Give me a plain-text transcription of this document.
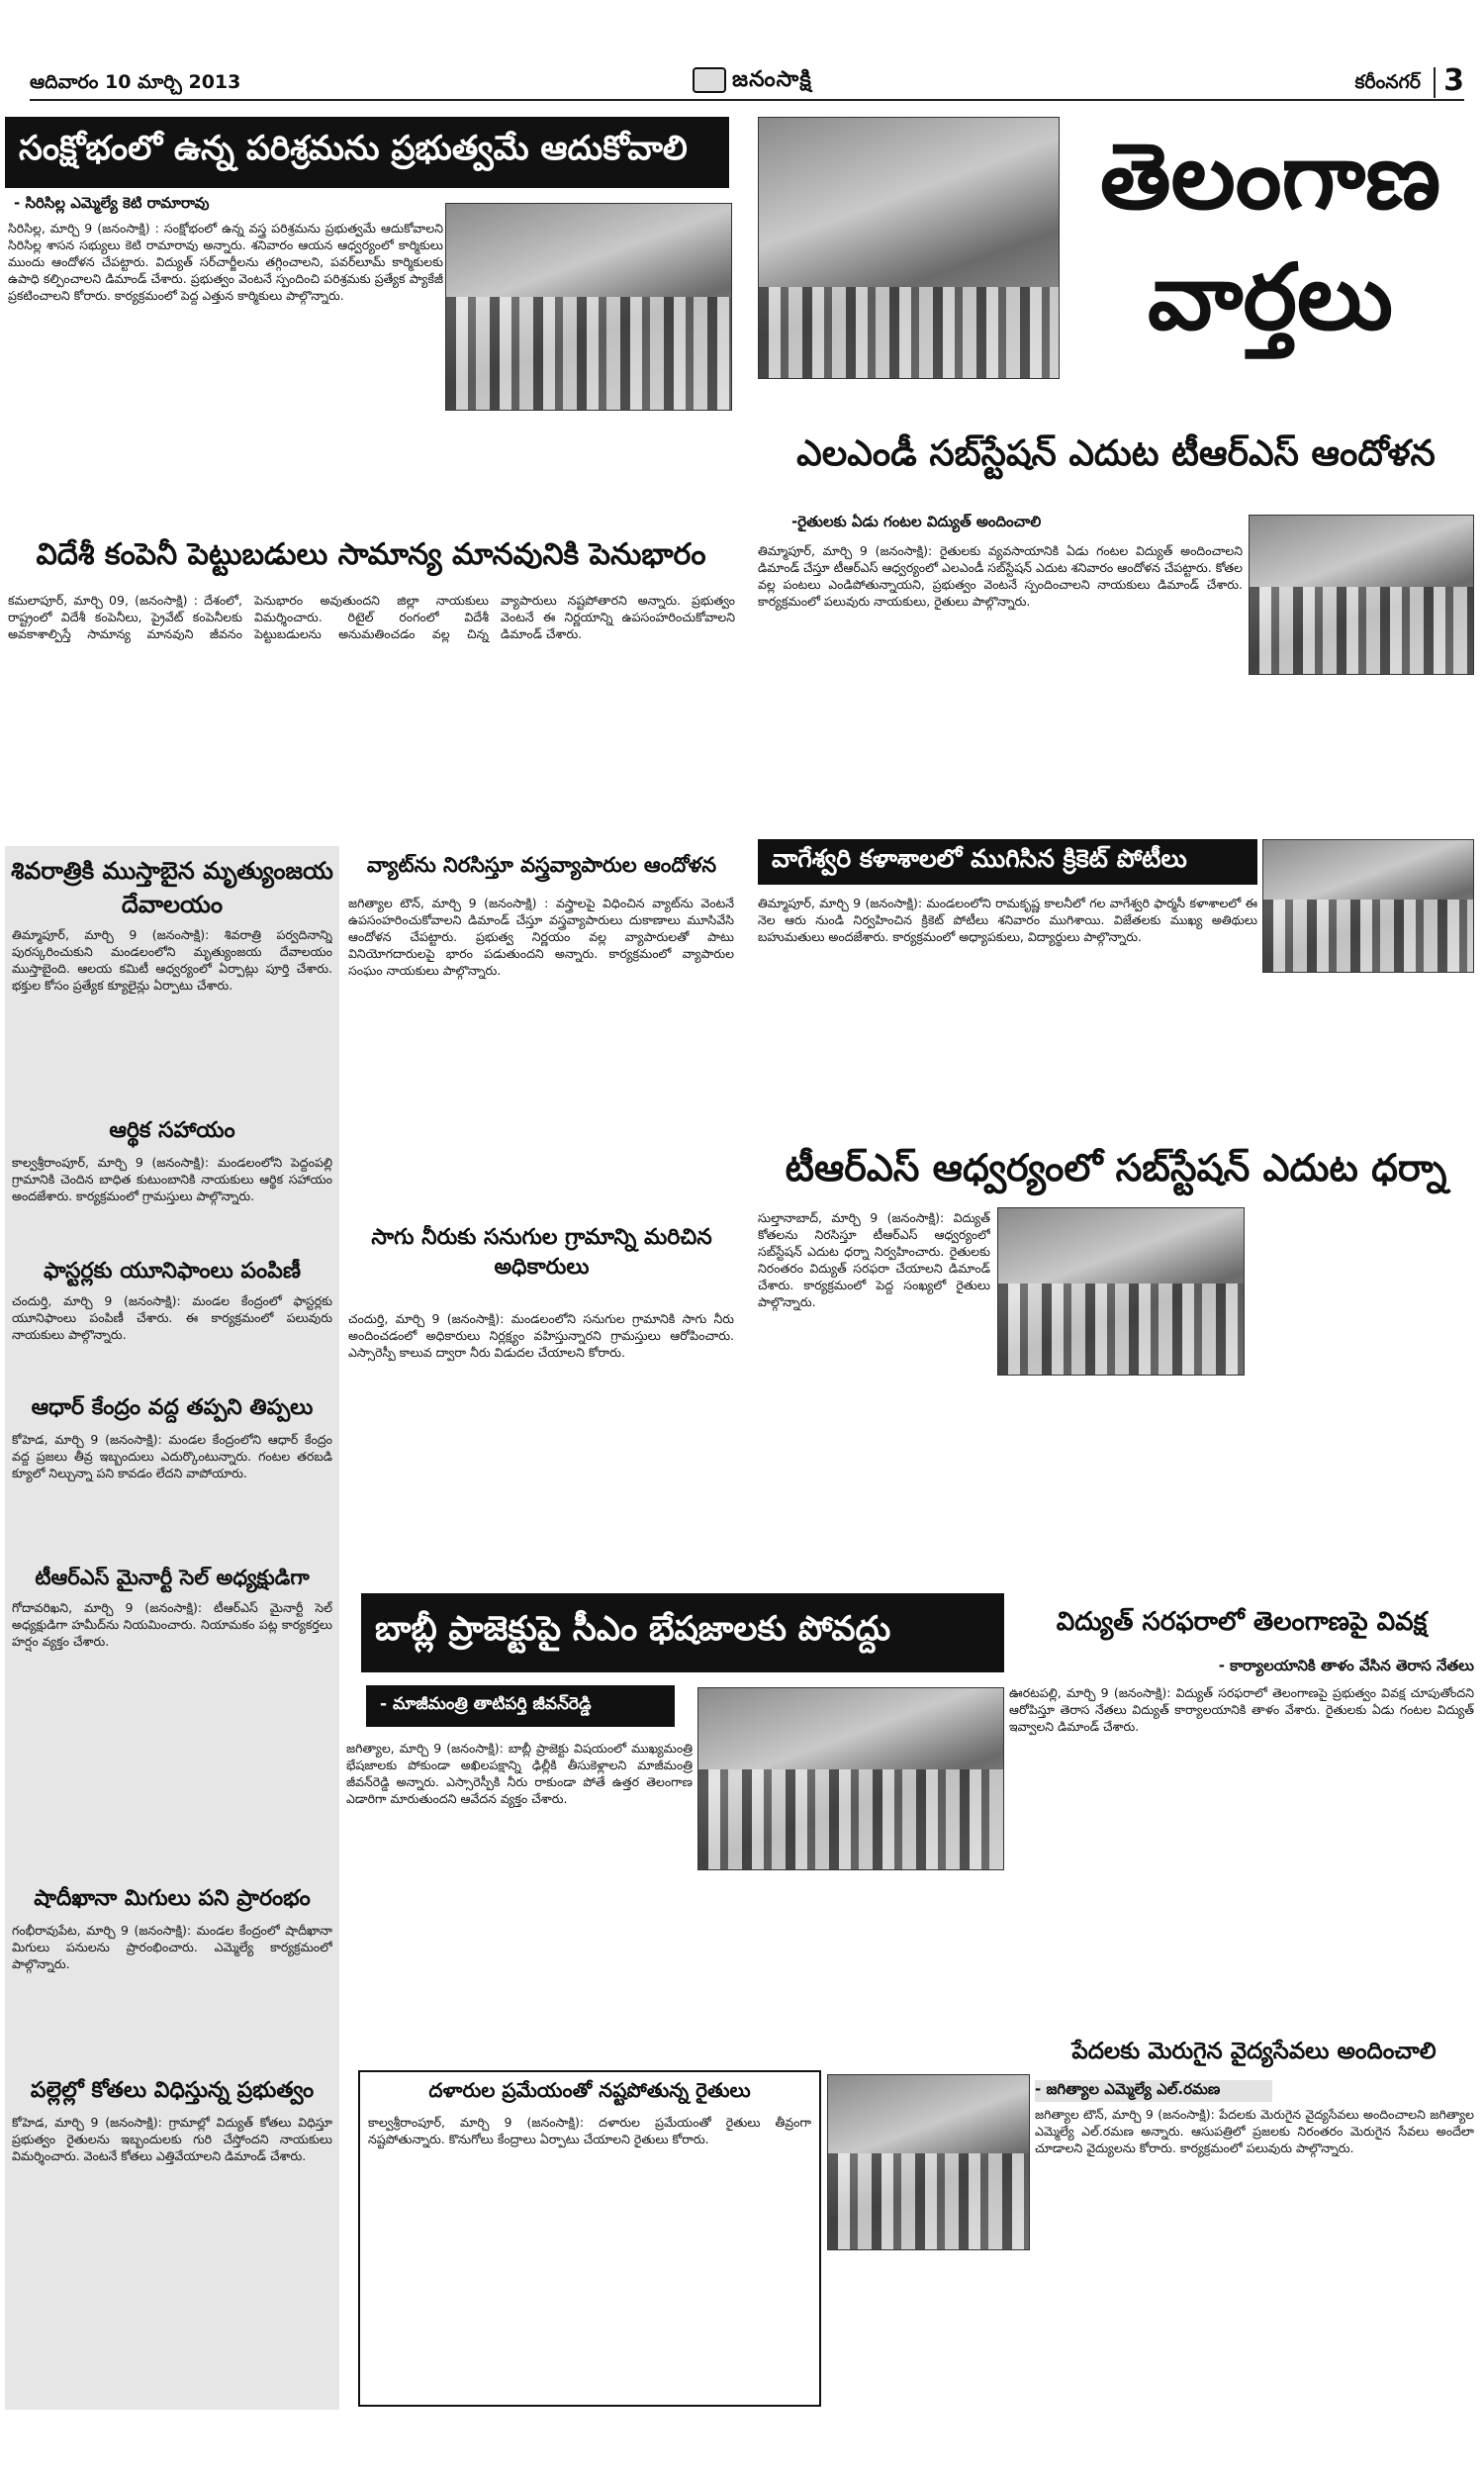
ఆదివారం 10 మార్చి 2013	జనంసాక్షి	కరీంనగర్ 3
సంక్షోభంలో ఉన్న పరిశ్రమను ప్రభుత్వమే ఆదుకోవాలి
- సిరిసిల్ల ఎమ్మెల్యే కెటి రామారావు
సిరిసిల్ల, మార్చి 9 (జనంసాక్షి) : సంక్షోభంలో ఉన్న వస్త్ర పరిశ్రమను ప్రభుత్వమే ఆదుకోవాలని సిరిసిల్ల శాసన సభ్యులు కెటి రామారావు అన్నారు. శనివారం ఆయన ఆధ్వర్యంలో కార్మికులు ముందు ఆందోళన చేపట్టారు. విద్యుత్ సర్‌చార్జీలను తగ్గించాలని, పవర్‌లూమ్ కార్మికులకు ఉపాధి కల్పించాలని డిమాండ్ చేశారు. ప్రభుత్వం వెంటనే స్పందించి పరిశ్రమకు ప్రత్యేక ప్యాకేజీ ప్రకటించాలని కోరారు. కార్యక్రమంలో పెద్ద ఎత్తున కార్మికులు పాల్గొన్నారు.
తెలంగాణ
వార్తలు
ఎలఎండీ సబ్‌స్టేషన్ ఎదుట టీఆర్ఎస్ ఆందోళన
-రైతులకు ఏడు గంటల విద్యుత్ అందించాలి
తిమ్మాపూర్, మార్చి 9 (జనంసాక్షి): రైతులకు వ్యవసాయానికి ఏడు గంటల విద్యుత్ అందించాలని డిమాండ్ చేస్తూ టీఆర్ఎస్ ఆధ్వర్యంలో ఎలఎండీ సబ్‌స్టేషన్ ఎదుట శనివారం ఆందోళన చేపట్టారు. కోతల వల్ల పంటలు ఎండిపోతున్నాయని, ప్రభుత్వం వెంటనే స్పందించాలని నాయకులు డిమాండ్ చేశారు. కార్యక్రమంలో పలువురు నాయకులు, రైతులు పాల్గొన్నారు.
విదేశీ కంపెనీ పెట్టుబడులు సామాన్య మానవునికి పెనుభారం
కమలాపూర్, మార్చి 09, (జనంసాక్షి) : దేశంలో, రాష్ట్రంలో విదేశీ కంపెనీలు, ప్రైవేట్ కంపెనీలకు అవకాశాల్పిస్తే సామాన్య మానవుని జీవనం పెనుభారం అవుతుందని జిల్లా నాయకులు విమర్శించారు. రిటైల్ రంగంలో విదేశీ పెట్టుబడులను అనుమతించడం వల్ల చిన్న వ్యాపారులు నష్టపోతారని అన్నారు. ప్రభుత్వం వెంటనే ఈ నిర్ణయాన్ని ఉపసంహరించుకోవాలని డిమాండ్ చేశారు.
శివరాత్రికి ముస్తాబైన మృత్యుంజయ దేవాలయం
తిమ్మాపూర్, మార్చి 9 (జనంసాక్షి): శివరాత్రి పర్వదినాన్ని పురస్కరించుకుని మండలంలోని మృత్యుంజయ దేవాలయం ముస్తాబైంది. ఆలయ కమిటీ ఆధ్వర్యంలో ఏర్పాట్లు పూర్తి చేశారు. భక్తుల కోసం ప్రత్యేక క్యూలైన్లు ఏర్పాటు చేశారు.
ఆర్థిక సహాయం
కాల్వశ్రీరాంపూర్, మార్చి 9 (జనంసాక్షి): మండలంలోని పెద్దంపల్లి గ్రామానికి చెందిన బాధిత కుటుంబానికి నాయకులు ఆర్థిక సహాయం అందజేశారు. కార్యక్రమంలో గ్రామస్తులు పాల్గొన్నారు.
ఫాస్టర్లకు యూనిఫాంలు పంపిణీ
చందుర్తి, మార్చి 9 (జనంసాక్షి): మండల కేంద్రంలో ఫాస్టర్లకు యూనిఫాంలు పంపిణీ చేశారు. ఈ కార్యక్రమంలో పలువురు నాయకులు పాల్గొన్నారు.
ఆధార్ కేంద్రం వద్ద తప్పని తిప్పలు
కోహెడ, మార్చి 9 (జనంసాక్షి): మండల కేంద్రంలోని ఆధార్ కేంద్రం వద్ద ప్రజలు తీవ్ర ఇబ్బందులు ఎదుర్కొంటున్నారు. గంటల తరబడి క్యూలో నిల్చున్నా పని కావడం లేదని వాపోయారు.
టీఆర్ఎస్ మైనార్టీ సెల్ అధ్యక్షుడిగా
గోదావరిఖని, మార్చి 9 (జనంసాక్షి): టీఆర్ఎస్ మైనార్టీ సెల్ అధ్యక్షుడిగా హమీద్‌ను నియమించారు. నియామకం పట్ల కార్యకర్తలు హర్షం వ్యక్తం చేశారు.
షాదీఖానా మిగులు పని ప్రారంభం
గంభీరావుపేట, మార్చి 9 (జనంసాక్షి): మండల కేంద్రంలో షాదీఖానా మిగులు పనులను ప్రారంభించారు. ఎమ్మెల్యే కార్యక్రమంలో పాల్గొన్నారు.
పల్లెల్లో కోతలు విధిస్తున్న ప్రభుత్వం
కోహెడ, మార్చి 9 (జనంసాక్షి): గ్రామాల్లో విద్యుత్ కోతలు విధిస్తూ ప్రభుత్వం రైతులను ఇబ్బందులకు గురి చేస్తోందని నాయకులు విమర్శించారు. వెంటనే కోతలు ఎత్తివేయాలని డిమాండ్ చేశారు.
వ్యాట్‌ను నిరసిస్తూ వస్త్రవ్యాపారుల ఆందోళన
జగిత్యాల టౌన్, మార్చి 9 (జనంసాక్షి) : వస్త్రాలపై విధించిన వ్యాట్‌ను వెంటనే ఉపసంహరించుకోవాలని డిమాండ్ చేస్తూ వస్త్రవ్యాపారులు దుకాణాలు మూసివేసి ఆందోళన చేపట్టారు. ప్రభుత్వ నిర్ణయం వల్ల వ్యాపారులతో పాటు వినియోగదారులపై భారం పడుతుందని అన్నారు. కార్యక్రమంలో వ్యాపారుల సంఘం నాయకులు పాల్గొన్నారు.
సాగు నీరుకు సనుగుల గ్రామాన్ని మరిచిన అధికారులు
చందుర్తి, మార్చి 9 (జనంసాక్షి): మండలంలోని సనుగుల గ్రామానికి సాగు నీరు అందించడంలో అధికారులు నిర్లక్ష్యం వహిస్తున్నారని గ్రామస్తులు ఆరోపించారు. ఎస్సారెస్పీ కాలువ ద్వారా నీరు విడుదల చేయాలని కోరారు.
వాగేశ్వరి కళాశాలలో ముగిసిన క్రికెట్ పోటీలు
తిమ్మాపూర్, మార్చి 9 (జనంసాక్షి): మండలంలోని రామకృష్ణ కాలనీలో గల వాగేశ్వరి ఫార్మసీ కళాశాలలో ఈ నెల ఆరు నుండి నిర్వహించిన క్రికెట్ పోటీలు శనివారం ముగిశాయి. విజేతలకు ముఖ్య అతిథులు బహుమతులు అందజేశారు. కార్యక్రమంలో అధ్యాపకులు, విద్యార్థులు పాల్గొన్నారు.
టీఆర్ఎస్ ఆధ్వర్యంలో సబ్‌స్టేషన్ ఎదుట ధర్నా
సుల్తానాబాద్, మార్చి 9 (జనంసాక్షి): విద్యుత్ కోతలను నిరసిస్తూ టీఆర్ఎస్ ఆధ్వర్యంలో సబ్‌స్టేషన్ ఎదుట ధర్నా నిర్వహించారు. రైతులకు నిరంతరం విద్యుత్ సరఫరా చేయాలని డిమాండ్ చేశారు. కార్యక్రమంలో పెద్ద సంఖ్యలో రైతులు పాల్గొన్నారు.
బాబ్లీ ప్రాజెక్టుపై సీఎం భేషజాలకు పోవద్దు
- మాజీమంత్రి తాటిపర్తి జీవన్‌రెడ్డి
జగిత్యాల, మార్చి 9 (జనంసాక్షి): బాబ్లీ ప్రాజెక్టు విషయంలో ముఖ్యమంత్రి భేషజాలకు పోకుండా అఖిలపక్షాన్ని ఢిల్లీకి తీసుకెళ్లాలని మాజీమంత్రి జీవన్‌రెడ్డి అన్నారు. ఎస్సారెస్పీకి నీరు రాకుండా పోతే ఉత్తర తెలంగాణ ఎడారిగా మారుతుందని ఆవేదన వ్యక్తం చేశారు.
విద్యుత్ సరఫరాలో తెలంగాణపై వివక్ష
- కార్యాలయానికి తాళం వేసిన తెరాస నేతలు
ఊరటపల్లి, మార్చి 9 (జనంసాక్షి): విద్యుత్ సరఫరాలో తెలంగాణపై ప్రభుత్వం వివక్ష చూపుతోందని ఆరోపిస్తూ తెరాస నేతలు విద్యుత్ కార్యాలయానికి తాళం వేశారు. రైతులకు ఏడు గంటల విద్యుత్ ఇవ్వాలని డిమాండ్ చేశారు.
దళారుల ప్రమేయంతో నష్టపోతున్న రైతులు
కాల్వశ్రీరాంపూర్, మార్చి 9 (జనంసాక్షి): దళారుల ప్రమేయంతో రైతులు తీవ్రంగా నష్టపోతున్నారు. కొనుగోలు కేంద్రాలు ఏర్పాటు చేయాలని రైతులు కోరారు.
పేదలకు మెరుగైన వైద్యసేవలు అందించాలి
- జగిత్యాల ఎమ్మెల్యే ఎల్.రమణ
జగిత్యాల టౌన్, మార్చి 9 (జనంసాక్షి): పేదలకు మెరుగైన వైద్యసేవలు అందించాలని జగిత్యాల ఎమ్మెల్యే ఎల్.రమణ అన్నారు. ఆసుపత్రిలో ప్రజలకు నిరంతరం మెరుగైన సేవలు అందేలా చూడాలని వైద్యులను కోరారు. కార్యక్రమంలో పలువురు పాల్గొన్నారు.
